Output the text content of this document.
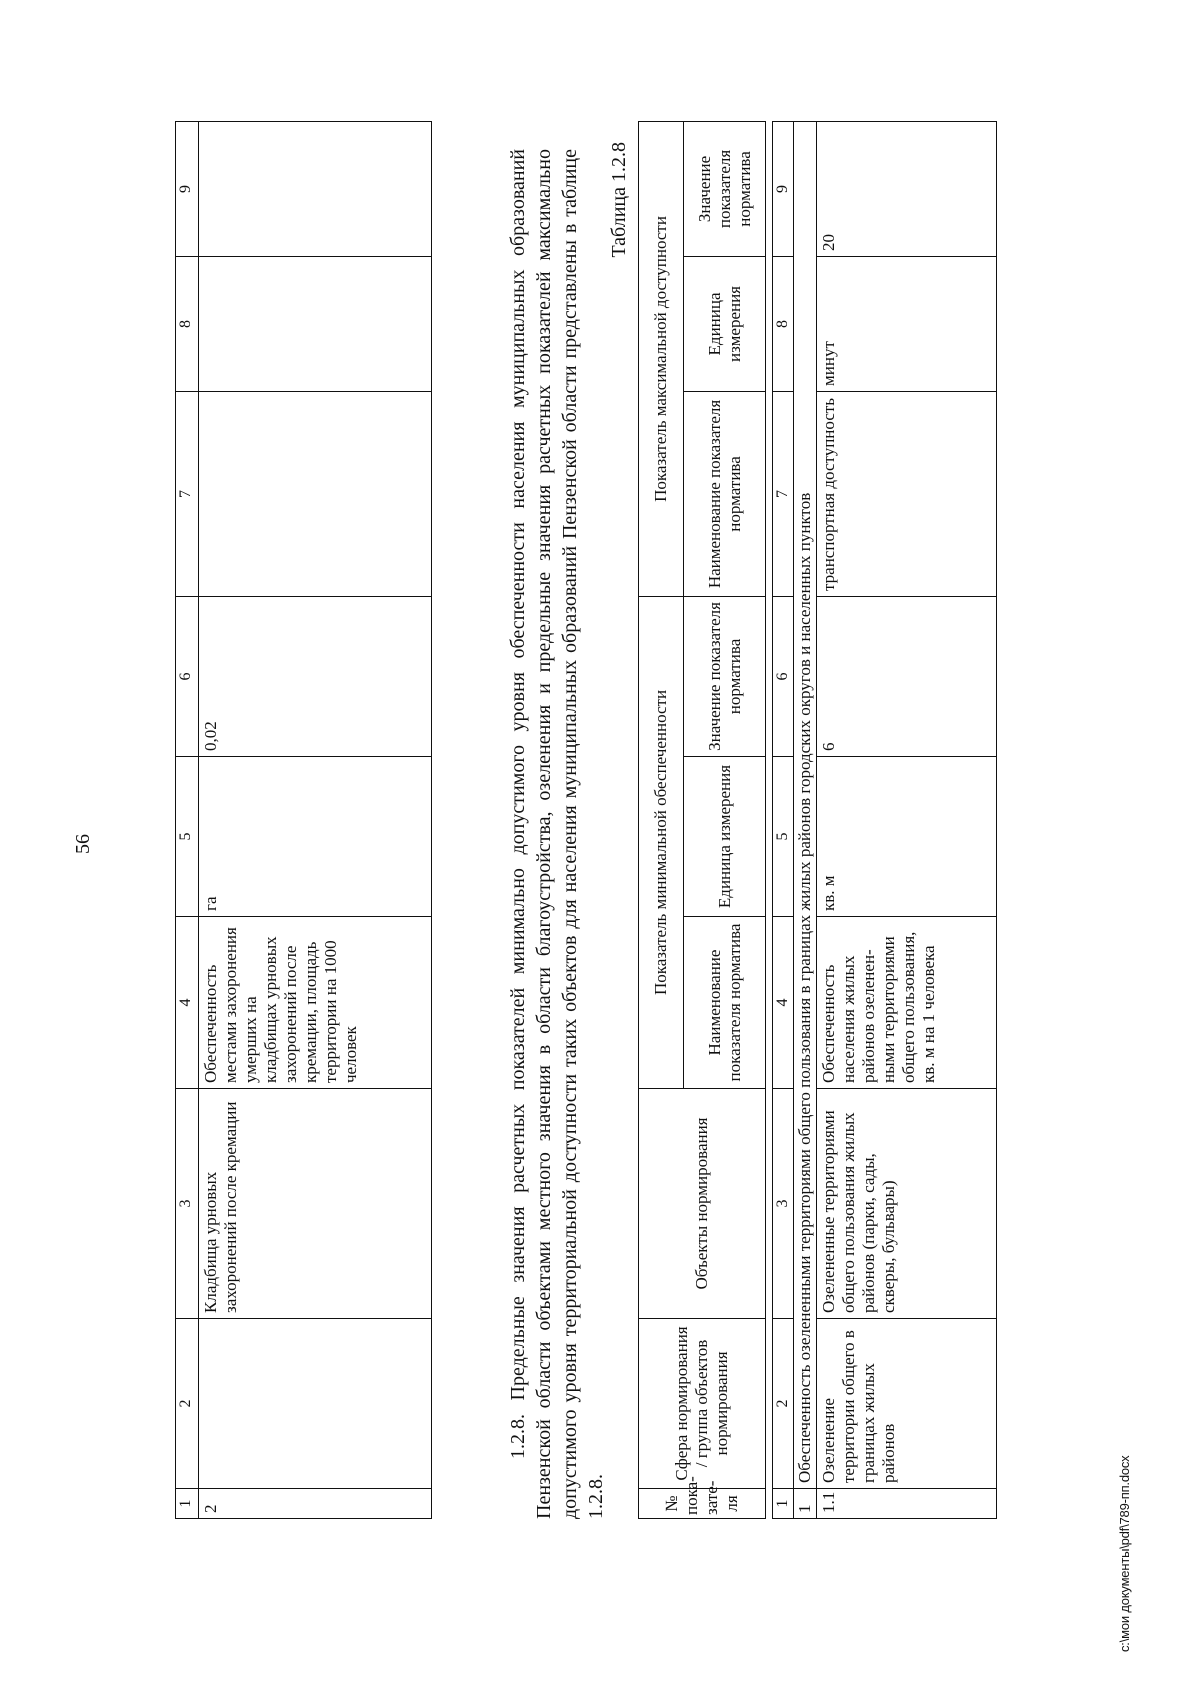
56
1	2	3	4	5	6	7	8	9
2		Кладбища урновых захоронений после кремации	Обеспеченность местами захоронения умерших на кладбищах урновых захоронений после кремации, площадь территории на 1000 человек	га	0,02				1.2.8. Предельные значения расчетных показателей минимально допустимого уровня обеспеченности населения муниципальных образований Пензенской области объектами местного значения в области благоустройства, озеленения и предельные значения расчетных показателей максимально допустимого уровня территориальной доступности таких объектов для населения муниципальных образований Пензенской области представлены в таблице 1.2.8.
Таблица 1.2.8
№ пока-зате-ля	Сфера нормирования / группа объектов нормирования	Объекты нормирования	Показатель минимальной обеспеченности			Показатель максимальной доступности		
			Наименование показателя норматива	Единица измерения	Значение показателя норматива	Наименование показателя норматива	Единица измерения	Значение показателя норматива

1	2	3	4	5	6	7	8	9
1	Обеспеченность озелененными территориями общего пользования в границах жилых районов городских округов и населенных пунктов							
1.1	Озеленение территории общего в границах жилых районов	Озелененные территориями общего пользования жилых районов (парки, сады, скверы, бульвары)	Обеспеченность населения жилых районов озеленен-ными территориями общего пользования, кв. м на 1 человека	кв. м	6	транспортная доступность	минут	20
c:\мои документы\pdf\789-пп.docx
